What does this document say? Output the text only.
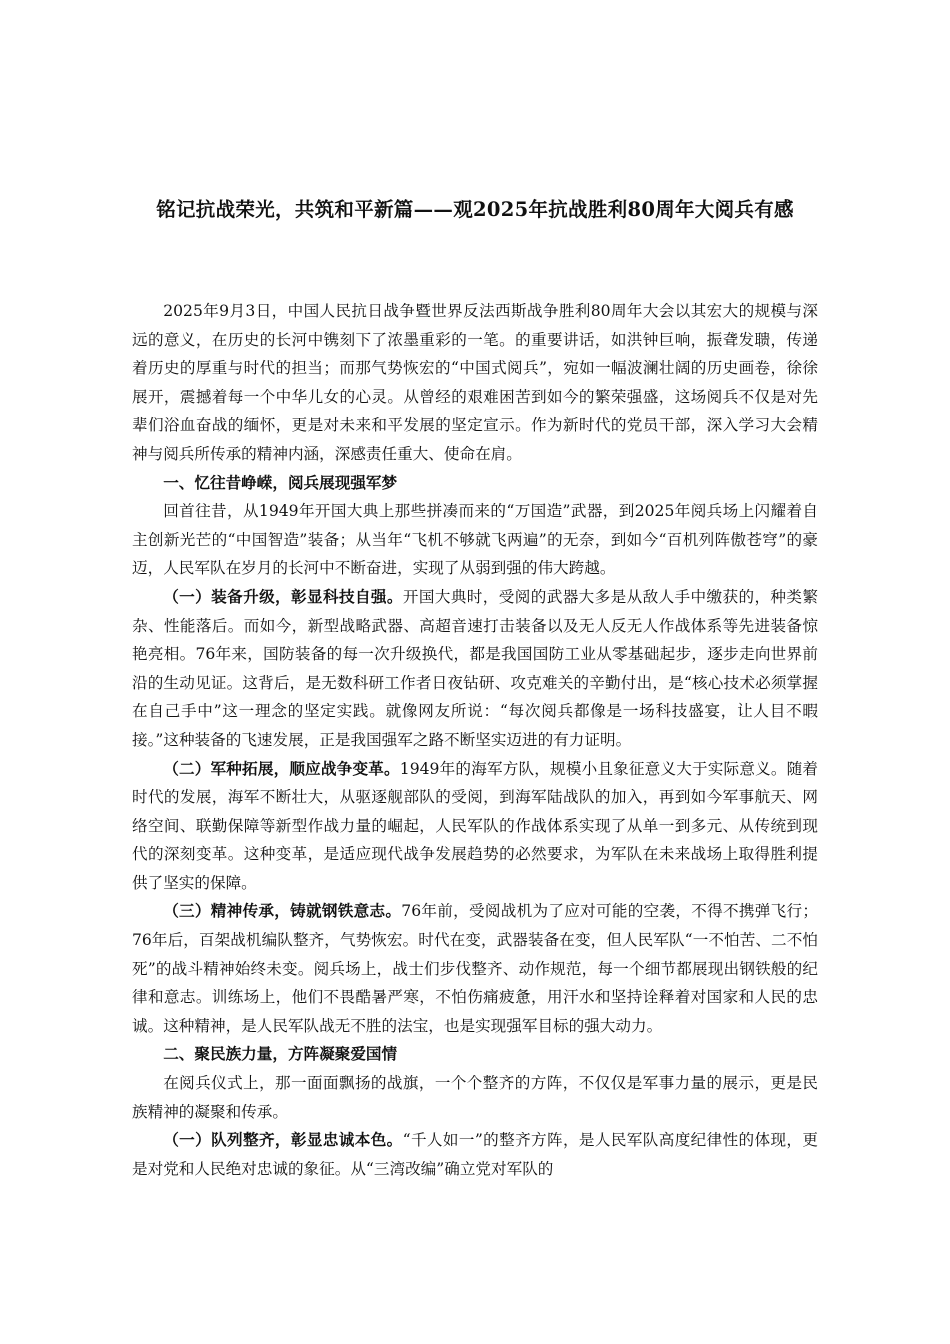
铭记抗战荣光，共筑和平新篇——观2025年抗战胜利80周年大阅兵有感

2025年9月3日，中国人民抗日战争暨世界反法西斯战争胜利80周年大会以其宏大的规模与深远的意义，在历史的长河中镌刻下了浓墨重彩的一笔。的重要讲话，如洪钟巨响，振聋发聩，传递着历史的厚重与时代的担当；而那气势恢宏的“中国式阅兵”，宛如一幅波澜壮阔的历史画卷，徐徐展开，震撼着每一个中华儿女的心灵。从曾经的艰难困苦到如今的繁荣强盛，这场阅兵不仅是对先辈们浴血奋战的缅怀，更是对未来和平发展的坚定宣示。作为新时代的党员干部，深入学习大会精神与阅兵所传承的精神内涵，深感责任重大、使命在肩。

一、忆往昔峥嵘，阅兵展现强军梦

回首往昔，从1949年开国大典上那些拼凑而来的“万国造”武器，到2025年阅兵场上闪耀着自主创新光芒的“中国智造”装备；从当年“飞机不够就飞两遍”的无奈，到如今“百机列阵傲苍穹”的豪迈，人民军队在岁月的长河中不断奋进，实现了从弱到强的伟大跨越。

（一）装备升级，彰显科技自强。开国大典时，受阅的武器大多是从敌人手中缴获的，种类繁杂、性能落后。而如今，新型战略武器、高超音速打击装备以及无人反无人作战体系等先进装备惊艳亮相。76年来，国防装备的每一次升级换代，都是我国国防工业从零基础起步，逐步走向世界前沿的生动见证。这背后，是无数科研工作者日夜钻研、攻克难关的辛勤付出，是“核心技术必须掌握在自己手中”这一理念的坚定实践。就像网友所说：“每次阅兵都像是一场科技盛宴，让人目不暇接。”这种装备的飞速发展，正是我国强军之路不断坚实迈进的有力证明。

（二）军种拓展，顺应战争变革。1949年的海军方队，规模小且象征意义大于实际意义。随着时代的发展，海军不断壮大，从驱逐舰部队的受阅，到海军陆战队的加入，再到如今军事航天、网络空间、联勤保障等新型作战力量的崛起，人民军队的作战体系实现了从单一到多元、从传统到现代的深刻变革。这种变革，是适应现代战争发展趋势的必然要求，为军队在未来战场上取得胜利提供了坚实的保障。

（三）精神传承，铸就钢铁意志。76年前，受阅战机为了应对可能的空袭，不得不携弹飞行；76年后，百架战机编队整齐，气势恢宏。时代在变，武器装备在变，但人民军队“一不怕苦、二不怕死”的战斗精神始终未变。阅兵场上，战士们步伐整齐、动作规范，每一个细节都展现出钢铁般的纪律和意志。训练场上，他们不畏酷暑严寒，不怕伤痛疲惫，用汗水和坚持诠释着对国家和人民的忠诚。这种精神，是人民军队战无不胜的法宝，也是实现强军目标的强大动力。

二、聚民族力量，方阵凝聚爱国情

在阅兵仪式上，那一面面飘扬的战旗，一个个整齐的方阵，不仅仅是军事力量的展示，更是民族精神的凝聚和传承。

（一）队列整齐，彰显忠诚本色。“千人如一”的整齐方阵，是人民军队高度纪律性的体现，更是对党和人民绝对忠诚的象征。从“三湾改编”确立党对军队的
